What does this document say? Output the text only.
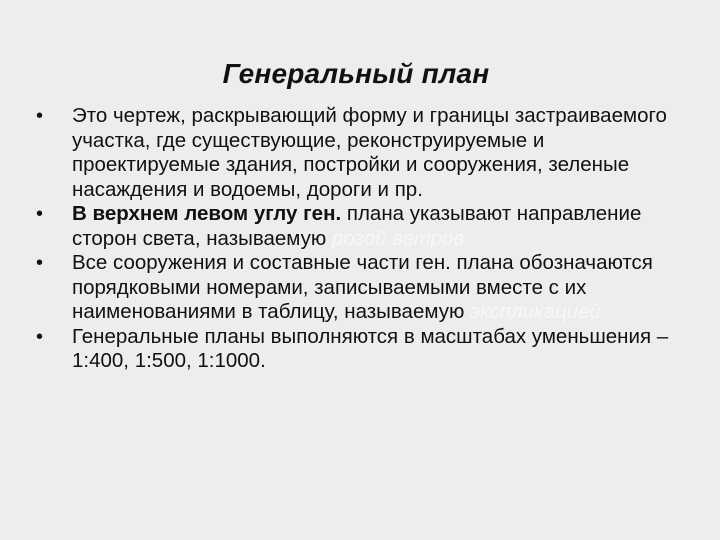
Генеральный план
• Это чертеж, раскрывающий форму и границы застраиваемого участка, где существующие, реконструируемые и проектируемые здания, постройки и сооружения, зеленые насаждения и водоемы, дороги и пр.
• В верхнем левом углу ген. плана указывают направление сторон света, называемую розой ветров.
• Все сооружения и составные части ген. плана обозначаются порядковыми номерами, записываемыми вместе с их наименованиями в таблицу, называемую экспликацией.
• Генеральные планы выполняются в масштабах уменьшения – 1:400, 1:500, 1:1000.
